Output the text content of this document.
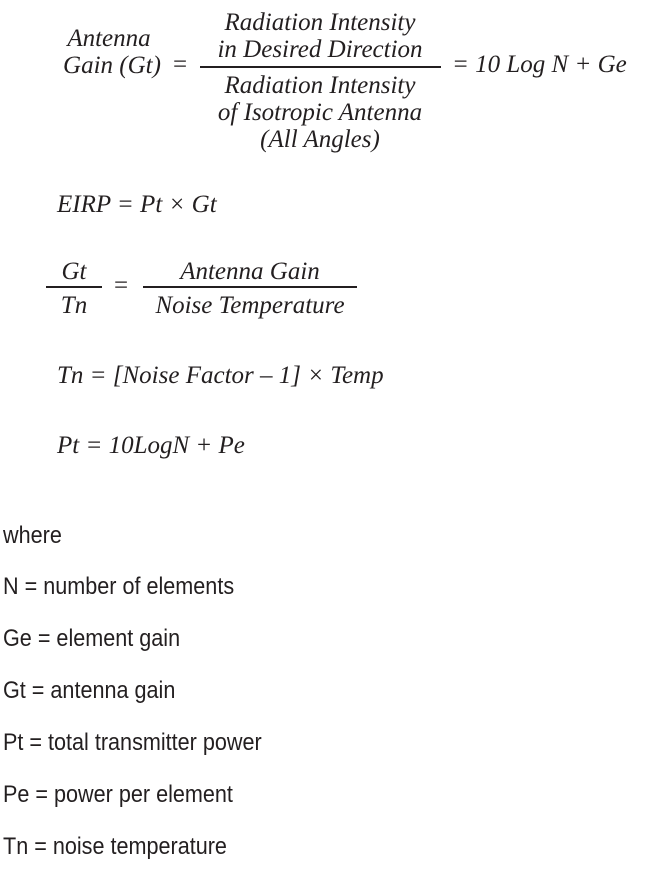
Antenna
Gain (Gt) =
Radiation Intensity
in Desired Direction
Radiation Intensity
of Isotropic Antenna
(All Angles)
= 10 Log N + Ge
EIRP = Pt × Gt
Gt
Tn
=
Antenna Gain
Noise Temperature
Tn = [Noise Factor – 1] × Temp
Pt = 10LogN + Pe
where
N = number of elements
Ge = element gain
Gt = antenna gain
Pt = total transmitter power
Pe = power per element
Tn = noise temperature
